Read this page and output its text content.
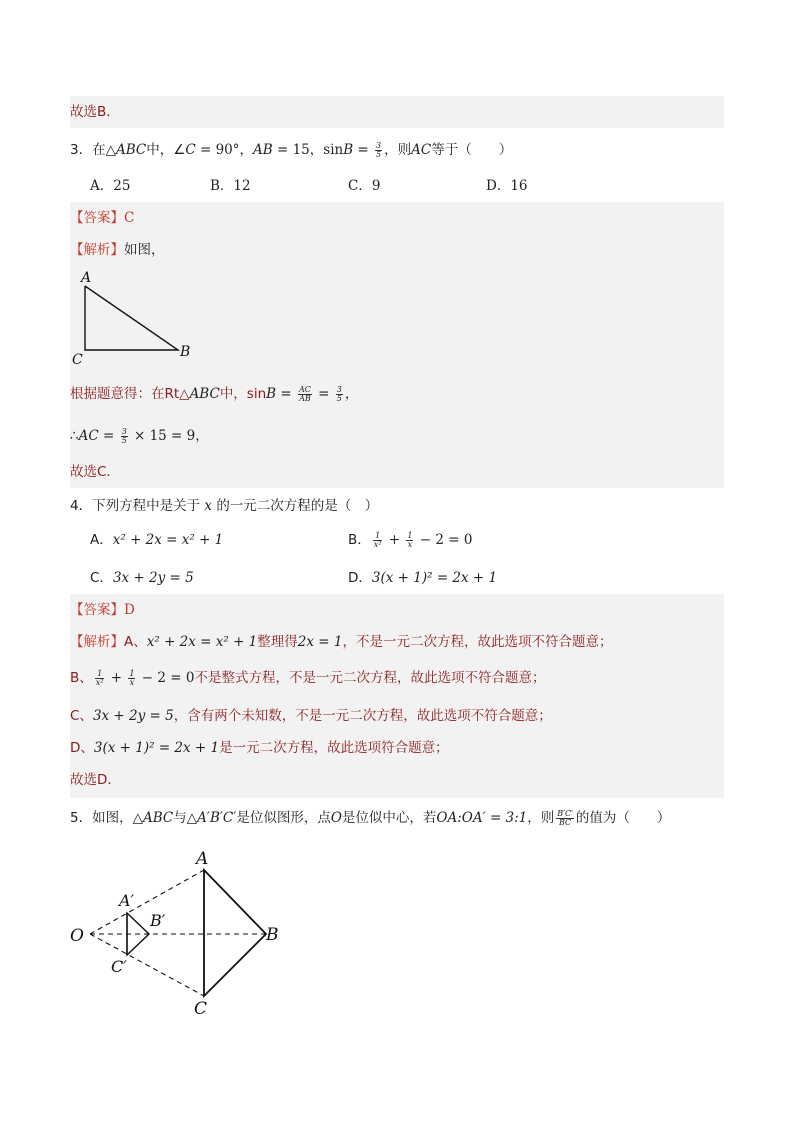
故选B．
3．在△ABC中，∠C = 90°，AB = 15，$\sin B = \frac{3}{5}$ ，则AC等于（　　）
A．25	B．12	C．9	D．16
【答案】C
【解析】如图，
A
C	B
根据题意得：在Rt△ABC中，$\sin B = \frac{AC}{AB} = \frac{3}{5}$ ，
∴AC = $\frac{3}{5} \times 15 = 9$，
故选C．
4．下列方程中是关于 x 的一元二次方程的是（　）
A．x² + 2x = x² + 1	B． $\frac{1}{\text{x²}} + \frac{1}{x} - 2 = 0$
C．3x + 2y = 5	D．3(x + 1)² = 2x + 1
【答案】D
【解析】A、x² + 2x = x² + 1整理得2x = 1，不是一元二次方程，故此选项不符合题意；
B、 $\frac{1}{\text{x²}} + \frac{1}{x} - 2 = 0$不是整式方程，不是一元二次方程，故此选项不符合题意；
C、3x + 2y = 5，含有两个未知数，不是一元二次方程，故此选项不符合题意；
D、3(x + 1)² = 2x + 1是一元二次方程，故此选项符合题意；
故选D．
5．如图，△ABC与△A′B′C′是位似图形，点O是位似中心，若OA:OA′ = 3:1，则 $\frac{B'C'}{BC}$ 的值为（　　）
O
A
B
C
A′
B′
C′
